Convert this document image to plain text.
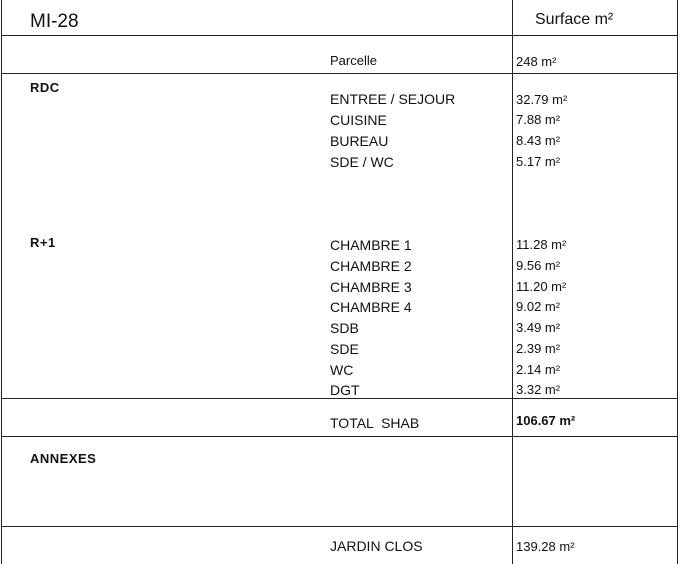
MI-28	Surface m²
Parcelle	248 m²
RDC
ENTREE / SEJOUR	32.79 m²
CUISINE	7.88 m²
BUREAU	8.43 m²
SDE / WC	5.17 m²
R+1	CHAMBRE 1	11.28 m²
CHAMBRE 2	9.56 m²
CHAMBRE 3	11.20 m²
CHAMBRE 4	9.02 m²
SDB	3.49 m²
SDE	2.39 m²
WC	2.14 m²
DGT	3.32 m²
TOTAL  SHAB	106.67 m²
ANNEXES
JARDIN CLOS	139.28 m²
